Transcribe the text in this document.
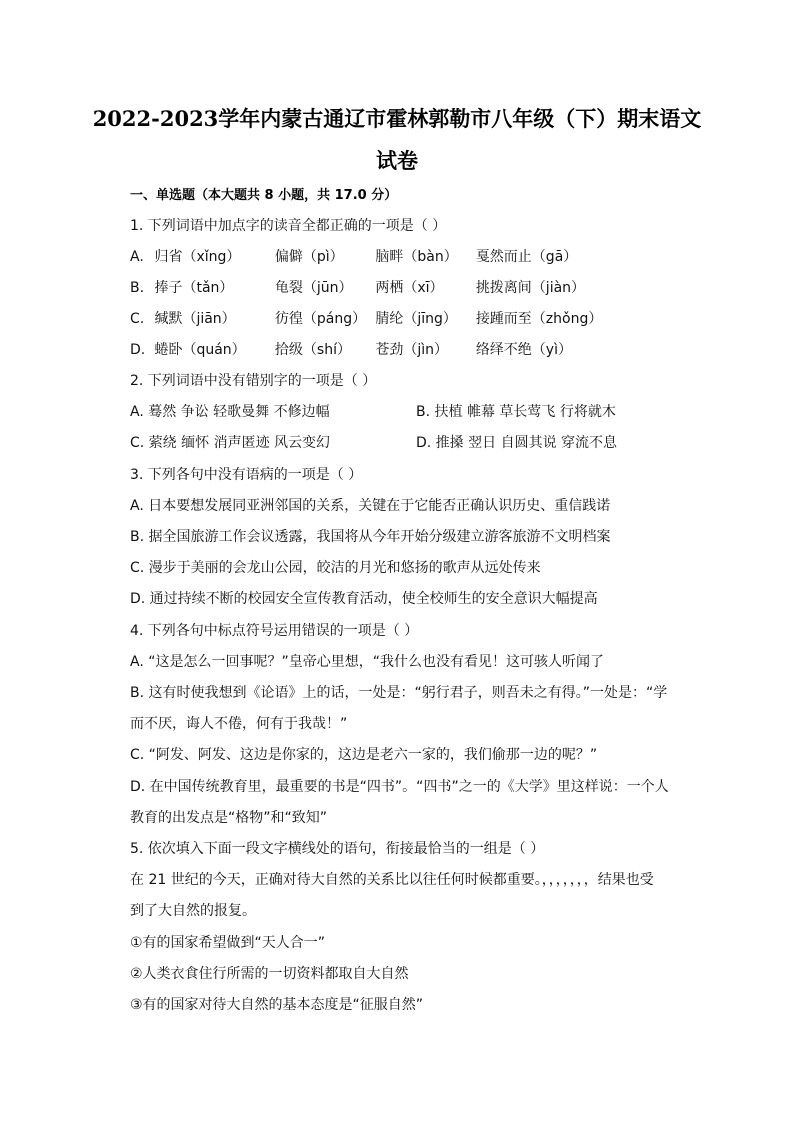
2022-2023学年内蒙古通辽市霍林郭勒市八年级（下）期末语文
试卷
一、单选题（本大题共 8 小题，共 17.0 分）
1. 下列词语中加点字的读音全都正确的一项是（ ）
A. 归省（xǐng） 偏僻（pì） 脑畔（bàn） 戛然而止（gā）
B. 捧子（tǎn）	龟裂（jūn） 两栖（xī） 挑拨离间（jiàn）
C. 缄默（jiān）	彷徨（páng） 腈纶（jīng） 接踵而至（zhǒng）
D. 蜷卧（quán） 拾级（shí） 苍劲（jìn） 络绎不绝（yì）
2. 下列词语中没有错别字的一项是（ ）
A. 蓦然 争讼 轻歌曼舞 不修边幅	B. 扶植 帷幕 草长莺飞 行将就木
C. 萦绕 缅怀 消声匿迹 风云变幻	D. 推搡 翌日 自圆其说 穿流不息
3. 下列各句中没有语病的一项是（ ）
A. 日本要想发展同亚洲邻国的关系，关键在于它能否正确认识历史、重信践诺
B. 据全国旅游工作会议透露，我国将从今年开始分级建立游客旅游不文明档案
C. 漫步于美丽的会龙山公园，皎洁的月光和悠扬的歌声从远处传来
D. 通过持续不断的校园安全宣传教育活动，使全校师生的安全意识大幅提高
4. 下列各句中标点符号运用错误的一项是（ ）
A. “这是怎么一回事呢？”皇帝心里想，“我什么也没有看见！这可骇人听闻了
B. 这有时使我想到《论语》上的话，一处是：“躬行君子，则吾未之有得。”一处是：“学
而不厌，诲人不倦，何有于我哉！”
C. “阿发、阿发、这边是你家的，这边是老六一家的，我们偷那一边的呢？”
D. 在中国传统教育里，最重要的书是“四书”。“四书”之一的《大学》里这样说：一个人
教育的出发点是“格物”和“致知”
5. 依次填入下面一段文字横线处的语句，衔接最恰当的一组是（ ）
在 21 世纪的今天，正确对待大自然的关系比以往任何时候都重要。，，，，，，，结果也受
到了大自然的报复。
①有的国家希望做到“天人合一”
②人类衣食住行所需的一切资料都取自大自然
③有的国家对待大自然的基本态度是“征服自然”
